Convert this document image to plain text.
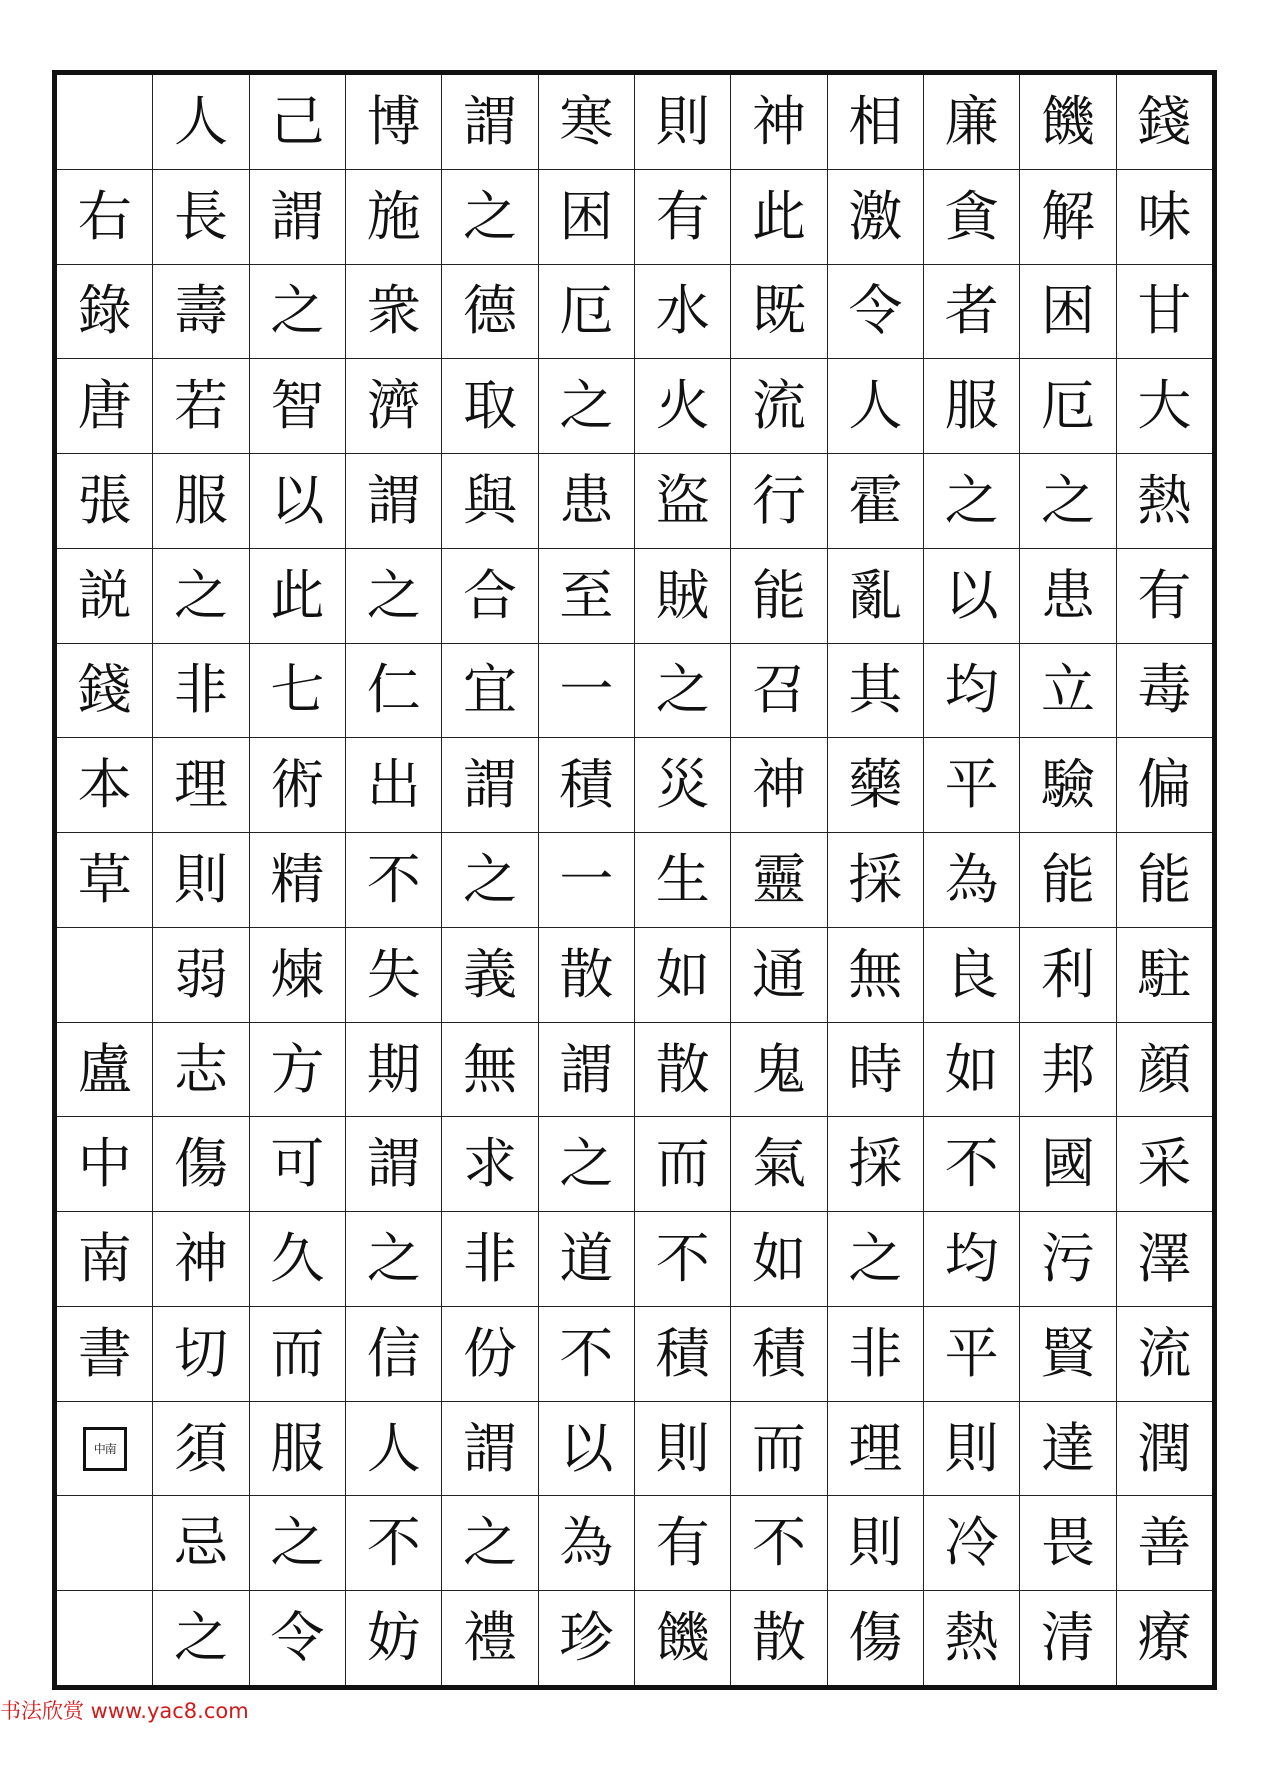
錢
味
甘
大
熱
有
毒
偏
能
駐
顔
采
澤
流
潤
善
療
饑
解
困
厄
之
患
立
驗
能
利
邦
國
污
賢
達
畏
清
廉
貪
者
服
之
以
均
平
為
良
如
不
均
平
則
冷
熱
相
激
令
人
霍
亂
其
藥
採
無
時
採
之
非
理
則
傷
神
此
既
流
行
能
召
神
靈
通
鬼
氣
如
積
而
不
散
則
有
水
火
盜
賊
之
災
生
如
散
而
不
積
則
有
饑
寒
困
厄
之
患
至
一
積
一
散
謂
之
道
不
以
為
珍
謂
之
德
取
與
合
宜
謂
之
義
無
求
非
份
謂
之
禮
博
施
衆
濟
謂
之
仁
出
不
失
期
謂
之
信
人
不
妨
己
謂
之
智
以
此
七
術
精
煉
方
可
久
而
服
之
令
人
長
壽
若
服
之
非
理
則
弱
志
傷
神
切
須
忌
之
右
錄
唐
張
説
錢
本
草
盧
中
南
書
中南
书法欣赏 www.yac8.com
